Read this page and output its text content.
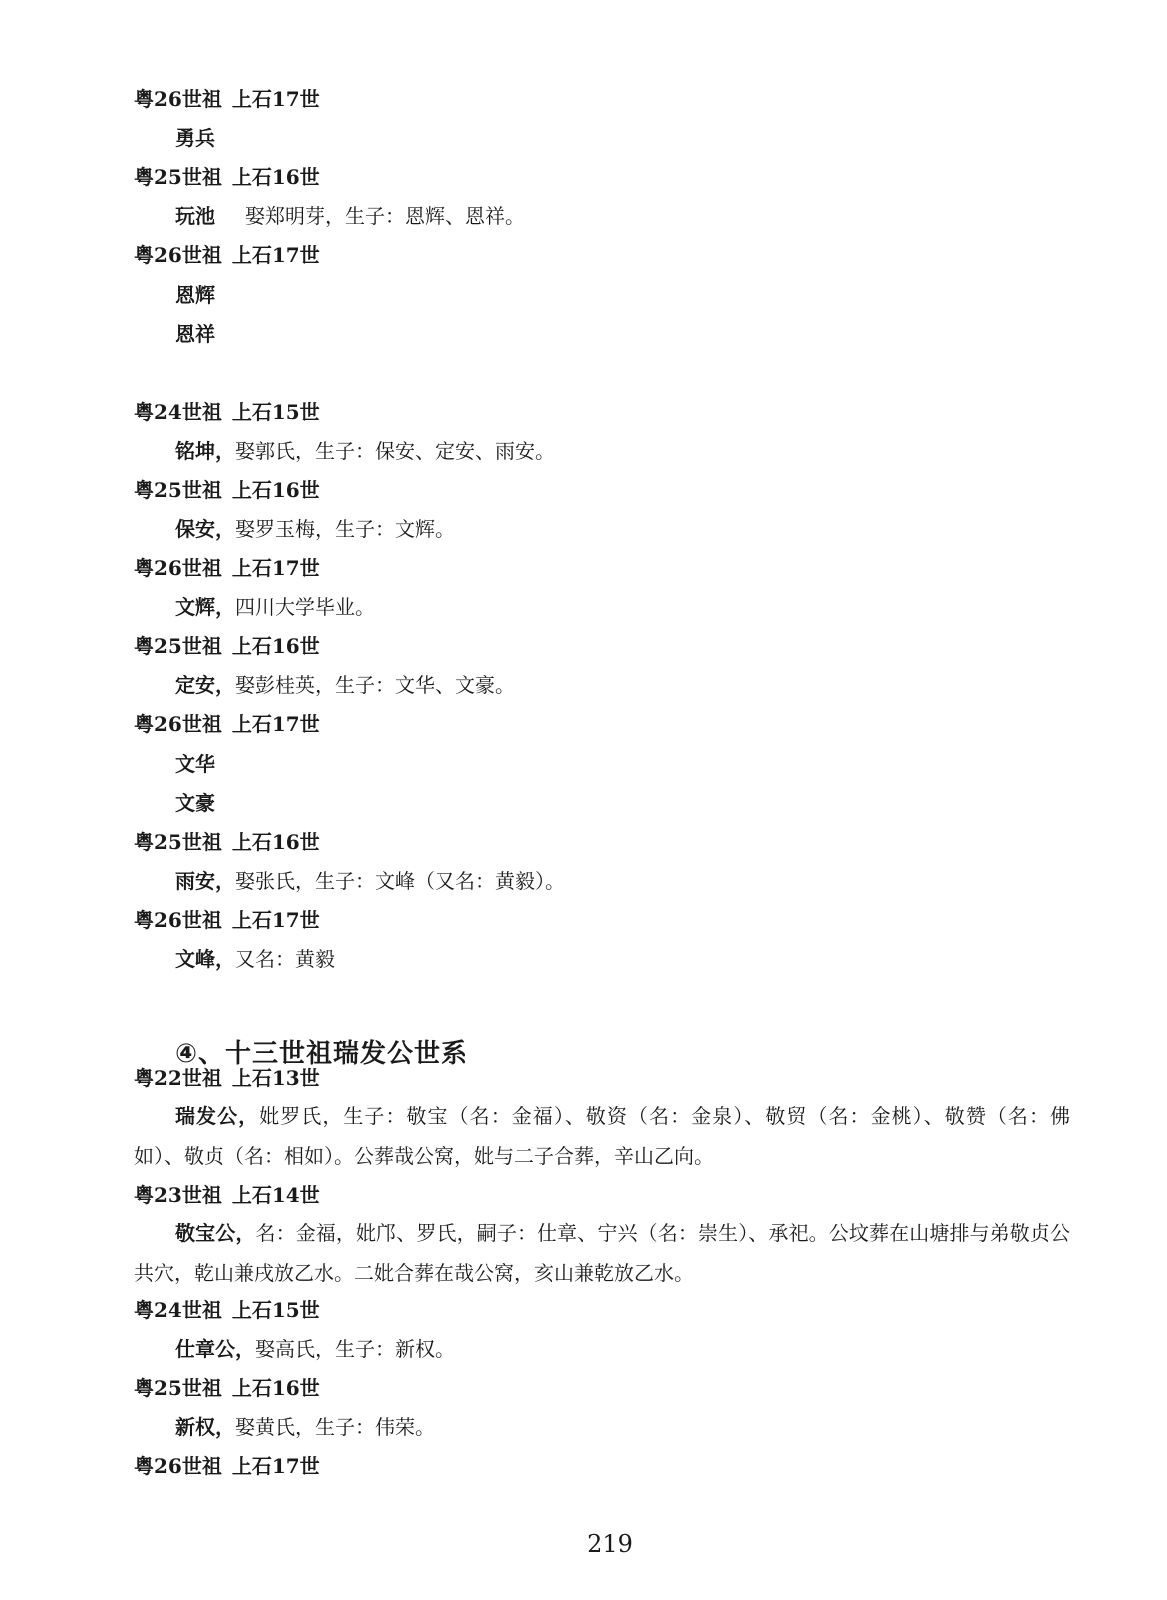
粤26世祖 上石17世
勇兵
粤25世祖 上石16世
玩池 娶郑明芽，生子：恩辉、恩祥。
粤26世祖 上石17世
恩辉
恩祥
粤24世祖 上石15世
铭坤，娶郭氏，生子：保安、定安、雨安。
粤25世祖 上石16世
保安，娶罗玉梅，生子：文辉。
粤26世祖 上石17世
文辉，四川大学毕业。
粤25世祖 上石16世
定安，娶彭桂英，生子：文华、文豪。
粤26世祖 上石17世
文华
文豪
粤25世祖 上石16世
雨安，娶张氏，生子：文峰（又名：黄毅）。
粤26世祖 上石17世
文峰，又名：黄毅
④、十三世祖瑞发公世系
粤22世祖 上石13世
瑞发公，妣罗氏，生子：敬宝（名：金福）、敬资（名：金泉）、敬贸（名：金桃）、敬赞（名：佛如）、敬贞（名：相如）。公葬哉公窝，妣与二子合葬，辛山乙向。
粤23世祖 上石14世
敬宝公，名：金福，妣邝、罗氏，嗣子：仕章、宁兴（名：崇生）、承祀。公坟葬在山塘排与弟敬贞公共穴，乾山兼戌放乙水。二妣合葬在哉公窝，亥山兼乾放乙水。
粤24世祖 上石15世
仕章公，娶高氏，生子：新权。
粤25世祖 上石16世
新权，娶黄氏，生子：伟荣。
粤26世祖 上石17世
219
